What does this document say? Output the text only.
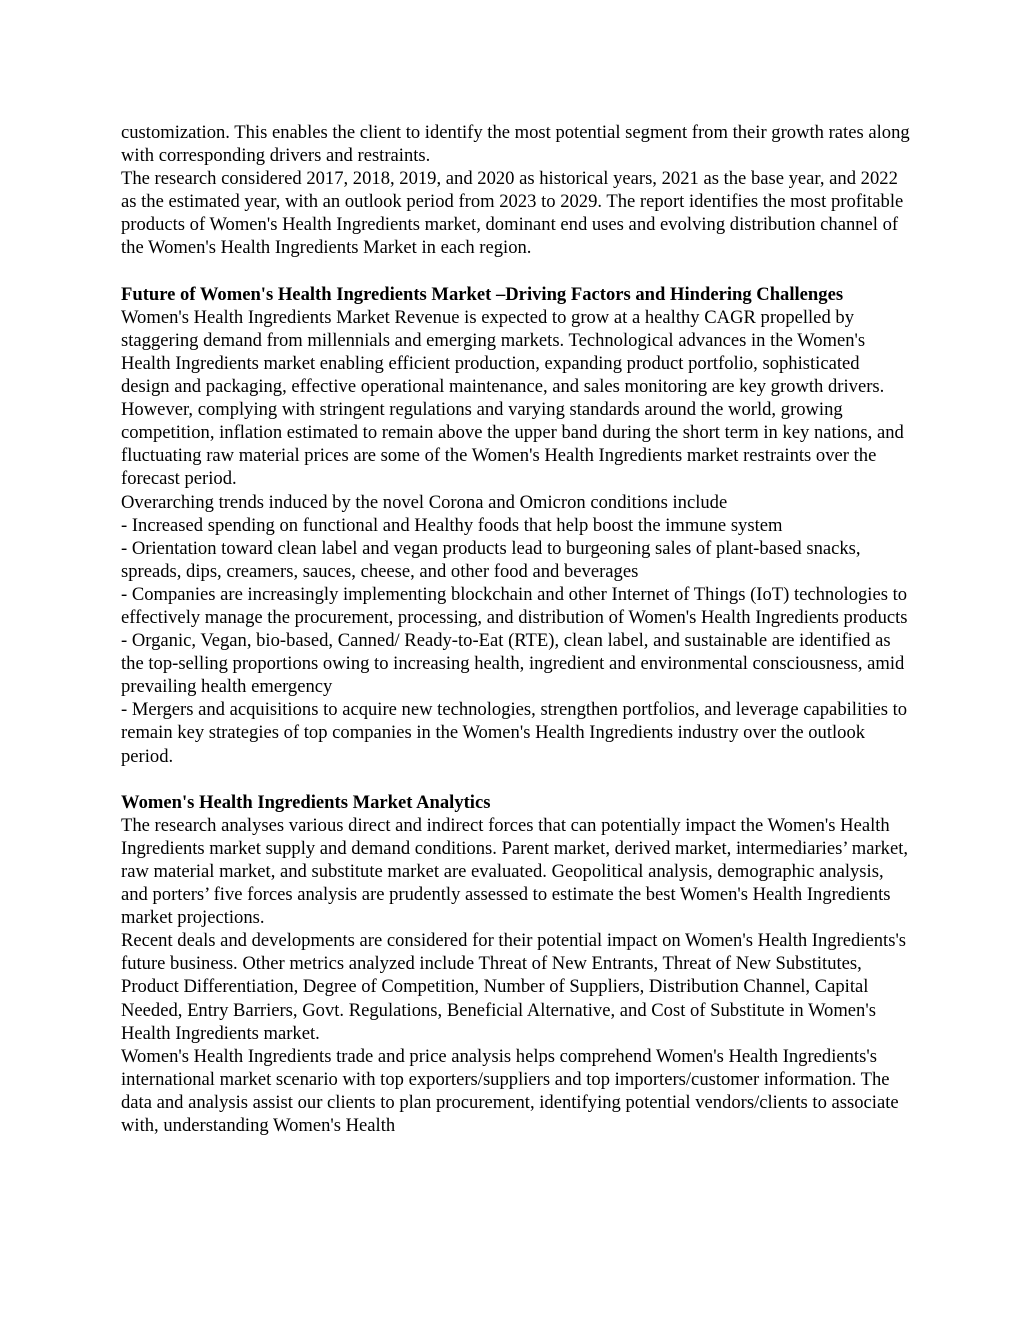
customization. This enables the client to identify the most potential segment from their growth rates along with corresponding drivers and restraints.

The research considered 2017, 2018, 2019, and 2020 as historical years, 2021 as the base year, and 2022 as the estimated year, with an outlook period from 2023 to 2029. The report identifies the most profitable products of Women's Health Ingredients market, dominant end uses and evolving distribution channel of the Women's Health Ingredients Market in each region.

Future of Women's Health Ingredients Market –Driving Factors and Hindering Challenges

Women's Health Ingredients Market Revenue is expected to grow at a healthy CAGR propelled by staggering demand from millennials and emerging markets. Technological advances in the Women's Health Ingredients market enabling efficient production, expanding product portfolio, sophisticated design and packaging, effective operational maintenance, and sales monitoring are key growth drivers.

However, complying with stringent regulations and varying standards around the world, growing competition, inflation estimated to remain above the upper band during the short term in key nations, and fluctuating raw material prices are some of the Women's Health Ingredients market restraints over the forecast period.

Overarching trends induced by the novel Corona and Omicron conditions include

- Increased spending on functional and Healthy foods that help boost the immune system

- Orientation toward clean label and vegan products lead to burgeoning sales of plant-based snacks, spreads, dips, creamers, sauces, cheese, and other food and beverages

- Companies are increasingly implementing blockchain and other Internet of Things (IoT) technologies to effectively manage the procurement, processing, and distribution of Women's Health Ingredients products

- Organic, Vegan, bio-based, Canned/ Ready-to-Eat (RTE), clean label, and sustainable are identified as the top-selling proportions owing to increasing health, ingredient and environmental consciousness, amid prevailing health emergency

- Mergers and acquisitions to acquire new technologies, strengthen portfolios, and leverage capabilities to remain key strategies of top companies in the Women's Health Ingredients industry over the outlook period.

Women's Health Ingredients Market Analytics

The research analyses various direct and indirect forces that can potentially impact the Women's Health Ingredients market supply and demand conditions. Parent market, derived market, intermediaries’ market, raw material market, and substitute market are evaluated. Geopolitical analysis, demographic analysis, and porters’ five forces analysis are prudently assessed to estimate the best Women's Health Ingredients market projections.

Recent deals and developments are considered for their potential impact on Women's Health Ingredients's future business. Other metrics analyzed include Threat of New Entrants, Threat of New Substitutes, Product Differentiation, Degree of Competition, Number of Suppliers, Distribution Channel, Capital Needed, Entry Barriers, Govt. Regulations, Beneficial Alternative, and Cost of Substitute in Women's Health Ingredients market.

Women's Health Ingredients trade and price analysis helps comprehend Women's Health Ingredients's international market scenario with top exporters/suppliers and top importers/customer information. The data and analysis assist our clients to plan procurement, identifying potential vendors/clients to associate with, understanding Women's Health
